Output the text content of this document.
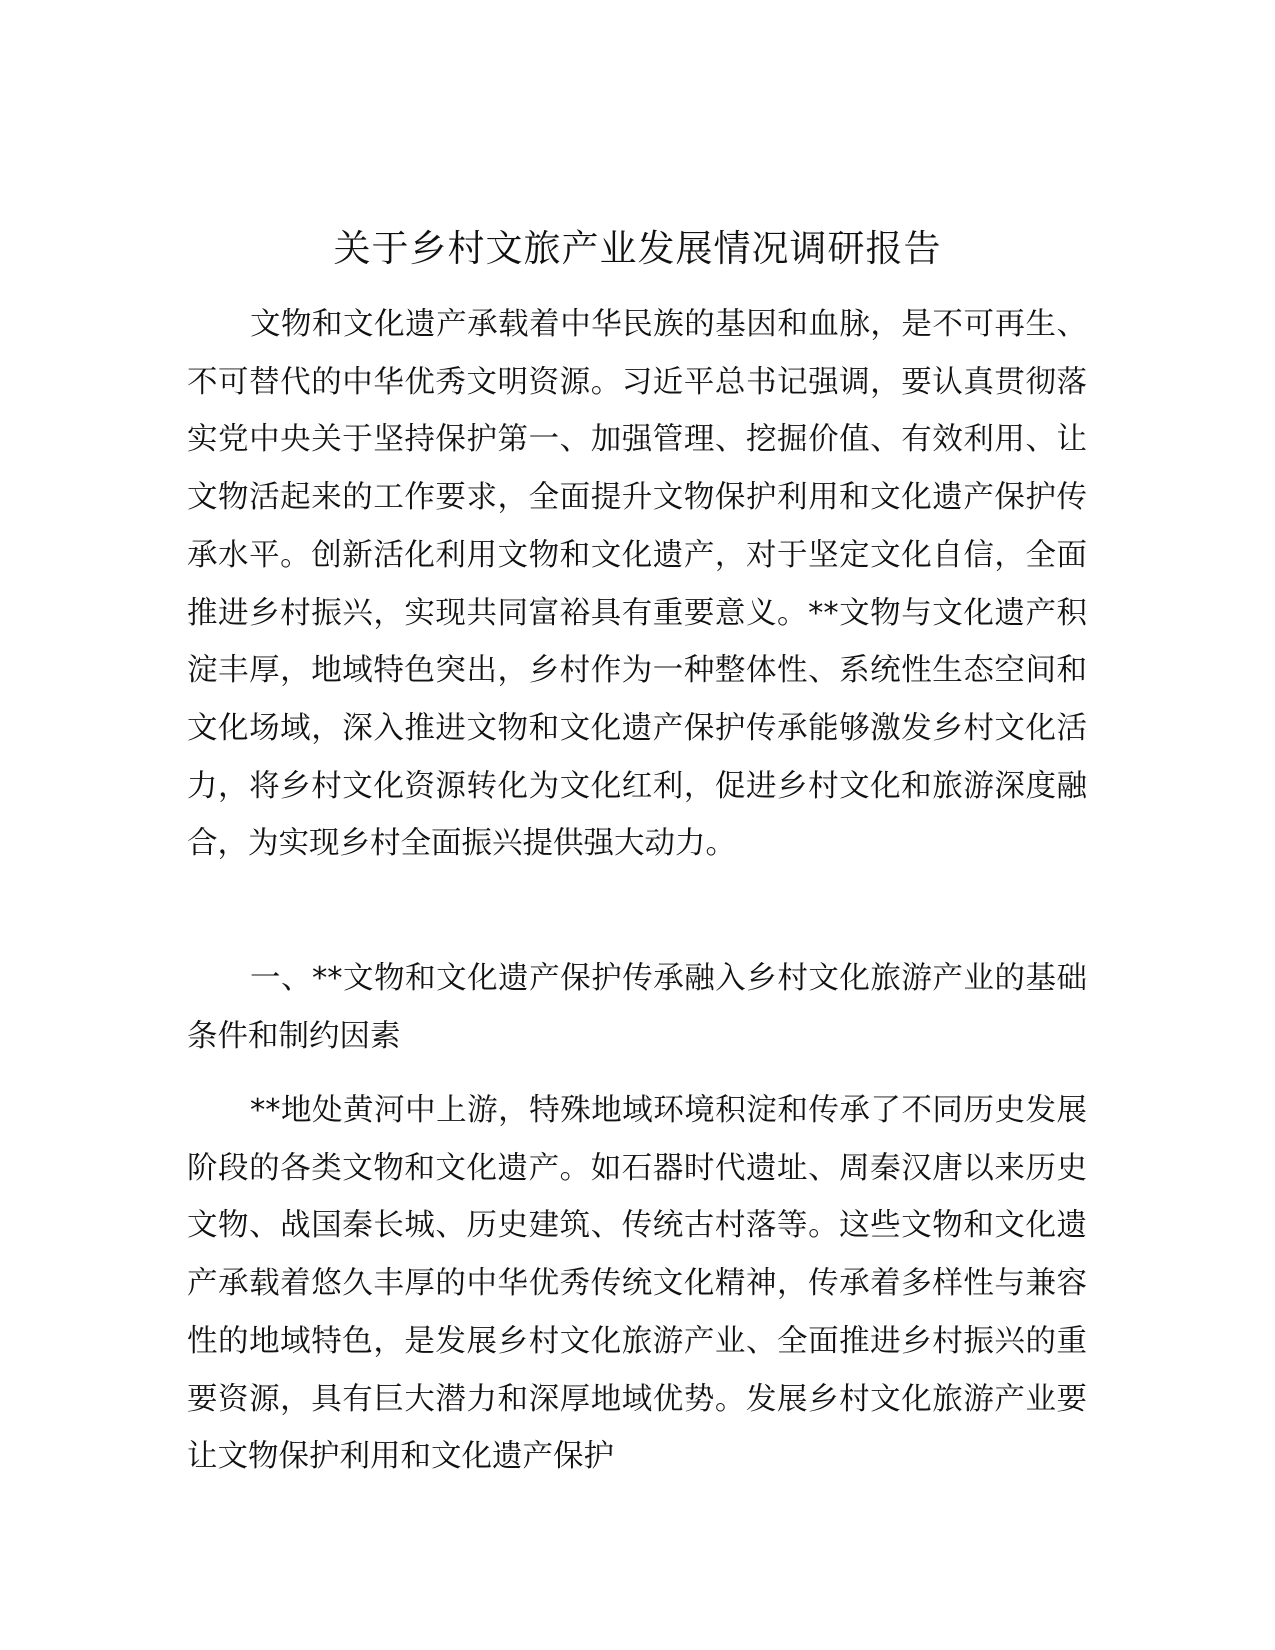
关于乡村文旅产业发展情况调研报告

文物和文化遗产承载着中华民族的基因和血脉，是不可再生、不可替代的中华优秀文明资源。习近平总书记强调，要认真贯彻落实党中央关于坚持保护第一、加强管理、挖掘价值、有效利用、让文物活起来的工作要求，全面提升文物保护利用和文化遗产保护传承水平。创新活化利用文物和文化遗产，对于坚定文化自信，全面推进乡村振兴，实现共同富裕具有重要意义。**文物与文化遗产积淀丰厚，地域特色突出，乡村作为一种整体性、系统性生态空间和文化场域，深入推进文物和文化遗产保护传承能够激发乡村文化活力，将乡村文化资源转化为文化红利，促进乡村文化和旅游深度融合，为实现乡村全面振兴提供强大动力。

一、**文物和文化遗产保护传承融入乡村文化旅游产业的基础条件和制约因素

**地处黄河中上游，特殊地域环境积淀和传承了不同历史发展阶段的各类文物和文化遗产。如石器时代遗址、周秦汉唐以来历史文物、战国秦长城、历史建筑、传统古村落等。这些文物和文化遗产承载着悠久丰厚的中华优秀传统文化精神，传承着多样性与兼容性的地域特色，是发展乡村文化旅游产业、全面推进乡村振兴的重要资源，具有巨大潜力和深厚地域优势。发展乡村文化旅游产业要让文物保护利用和文化遗产保护
